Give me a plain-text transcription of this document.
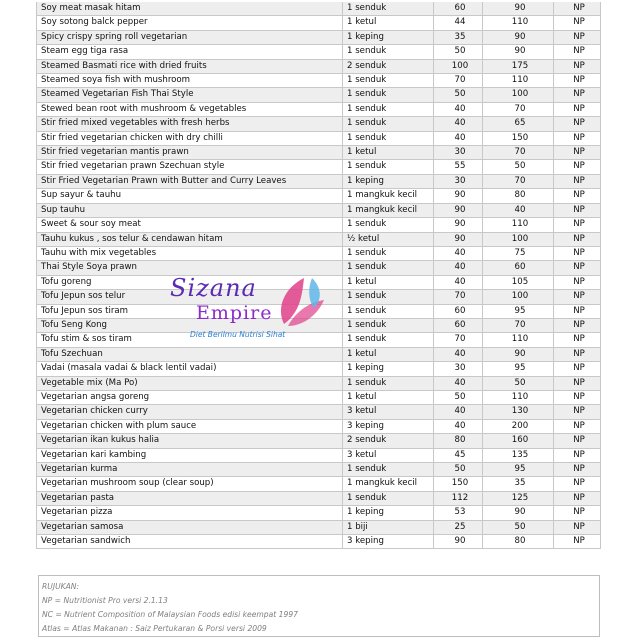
Soy meat masak hitam	1 senduk	60	90	NP
Soy sotong balck pepper	1 ketul	44	110	NP
Spicy crispy spring roll vegetarian	1 keping	35	90	NP
Steam egg tiga rasa	1 senduk	50	90	NP
Steamed Basmati rice with dried fruits	2 senduk	100	175	NP
Steamed soya fish with mushroom	1 senduk	70	110	NP
Steamed Vegetarian Fish Thai Style	1 senduk	50	100	NP
Stewed bean root with mushroom & vegetables	1 senduk	40	70	NP
Stir fried mixed vegetables with fresh herbs	1 senduk	40	65	NP
Stir fried vegetarian chicken with dry chilli	1 senduk	40	150	NP
Stir fried vegetarian mantis prawn	1 ketul	30	70	NP
Stir fried vegetarian prawn Szechuan style	1 senduk	55	50	NP
Stir Fried Vegetarian Prawn with Butter and Curry Leaves	1 keping	30	70	NP
Sup sayur & tauhu	1 mangkuk kecil	90	80	NP
Sup tauhu	1 mangkuk kecil	90	40	NP
Sweet & sour soy meat	1 senduk	90	110	NP
Tauhu kukus , sos telur & cendawan hitam	½ ketul	90	100	NP
Tauhu with mix vegetables	1 senduk	40	75	NP
Thai Style Soya prawn	1 senduk	40	60	NP
Tofu goreng	1 ketul	40	105	NP
Tofu Jepun sos telur	1 senduk	70	100	NP
Tofu Jepun sos tiram	1 senduk	60	95	NP
Tofu Seng Kong	1 senduk	60	70	NP
Tofu stim & sos tiram	1 senduk	70	110	NP
Tofu Szechuan	1 ketul	40	90	NP
Vadai (masala vadai & black lentil vadai)	1 keping	30	95	NP
Vegetable mix (Ma Po)	1 senduk	40	50	NP
Vegetarian angsa goreng	1 ketul	50	110	NP
Vegetarian chicken curry	3 ketul	40	130	NP
Vegetarian chicken with plum sauce	3 keping	40	200	NP
Vegetarian ikan kukus halia	2 senduk	80	160	NP
Vegetarian kari kambing	3 ketul	45	135	NP
Vegetarian kurma	1 senduk	50	95	NP
Vegetarian mushroom soup (clear soup)	1 mangkuk kecil	150	35	NP
Vegetarian pasta	1 senduk	112	125	NP
Vegetarian pizza	1 keping	53	90	NP
Vegetarian samosa	1 biji	25	50	NP
Vegetarian sandwich	3 keping	90	80	NP
Sizana
Empire
Diet Berilmu Nutrisi Sihat
RUJUKAN:
NP = Nutritionist Pro versi 2.1.13
NC = Nutrient Composition of Malaysian Foods edisi keempat 1997
Atlas = Atlas Makanan : Saiz Pertukaran & Porsi versi 2009
